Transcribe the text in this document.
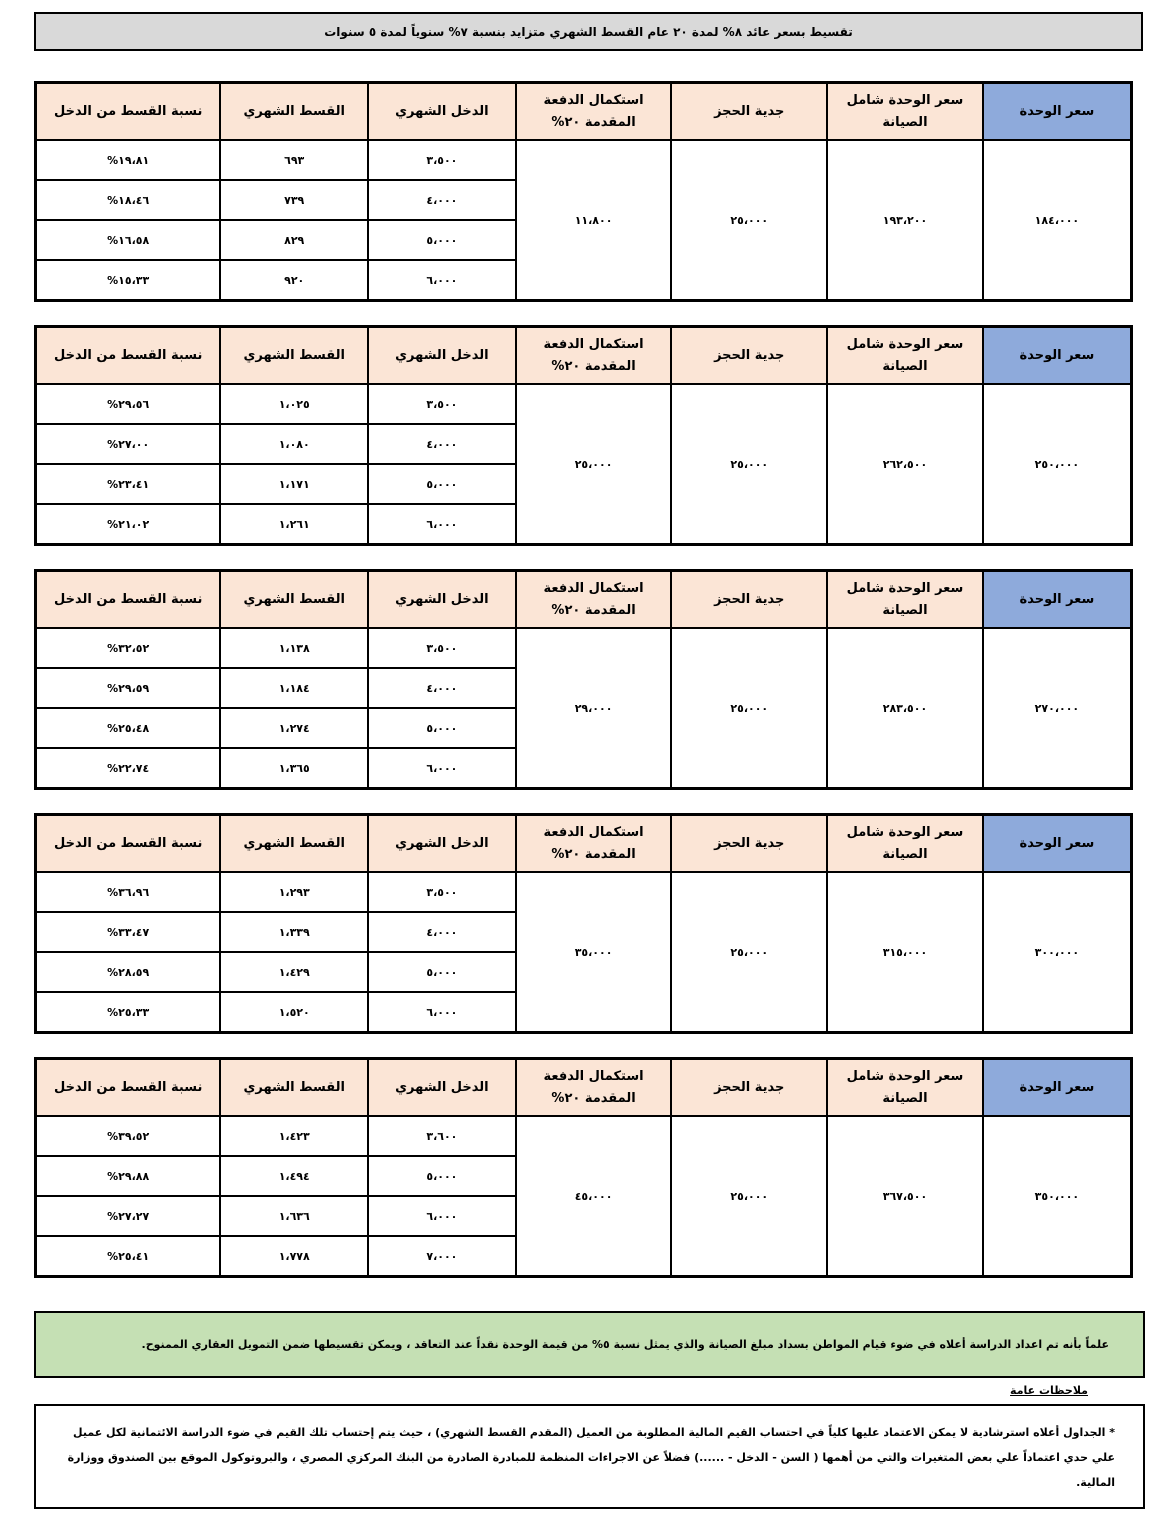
تقسيط بسعر عائد ٨% لمدة ٢٠ عام القسط الشهري متزايد بنسبة ٧% سنوياً لمدة ٥ سنوات
سعر الوحدة	سعر الوحدة شامل الصيانة	جدية الحجز	استكمال الدفعة المقدمة ٢٠%	الدخل الشهري	القسط الشهري	نسبة القسط من الدخل
١٨٤،٠٠٠	١٩٣،٢٠٠	٢٥،٠٠٠	١١،٨٠٠	٣،٥٠٠	٦٩٣	١٩،٨١%
				٤،٠٠٠	٧٣٩	١٨،٤٦%
				٥،٠٠٠	٨٢٩	١٦،٥٨%
				٦،٠٠٠	٩٢٠	١٥،٣٣%
سعر الوحدة	سعر الوحدة شامل الصيانة	جدية الحجز	استكمال الدفعة المقدمة ٢٠%	الدخل الشهري	القسط الشهري	نسبة القسط من الدخل
٢٥٠،٠٠٠	٢٦٢،٥٠٠	٢٥،٠٠٠	٢٥،٠٠٠	٣،٥٠٠	١،٠٢٥	٢٩،٥٦%
				٤،٠٠٠	١،٠٨٠	٢٧،٠٠%
				٥،٠٠٠	١،١٧١	٢٣،٤١%
				٦،٠٠٠	١،٢٦١	٢١،٠٢%
سعر الوحدة	سعر الوحدة شامل الصيانة	جدية الحجز	استكمال الدفعة المقدمة ٢٠%	الدخل الشهري	القسط الشهري	نسبة القسط من الدخل
٢٧٠،٠٠٠	٢٨٣،٥٠٠	٢٥،٠٠٠	٢٩،٠٠٠	٣،٥٠٠	١،١٣٨	٣٢،٥٢%
				٤،٠٠٠	١،١٨٤	٢٩،٥٩%
				٥،٠٠٠	١،٢٧٤	٢٥،٤٨%
				٦،٠٠٠	١،٣٦٥	٢٢،٧٤%
سعر الوحدة	سعر الوحدة شامل الصيانة	جدية الحجز	استكمال الدفعة المقدمة ٢٠%	الدخل الشهري	القسط الشهري	نسبة القسط من الدخل
٣٠٠،٠٠٠	٣١٥،٠٠٠	٢٥،٠٠٠	٣٥،٠٠٠	٣،٥٠٠	١،٢٩٣	٣٦،٩٦%
				٤،٠٠٠	١،٣٣٩	٣٣،٤٧%
				٥،٠٠٠	١،٤٢٩	٢٨،٥٩%
				٦،٠٠٠	١،٥٢٠	٢٥،٣٣%
سعر الوحدة	سعر الوحدة شامل الصيانة	جدية الحجز	استكمال الدفعة المقدمة ٢٠%	الدخل الشهري	القسط الشهري	نسبة القسط من الدخل
٣٥٠،٠٠٠	٣٦٧،٥٠٠	٢٥،٠٠٠	٤٥،٠٠٠	٣،٦٠٠	١،٤٢٣	٣٩،٥٢%
				٥،٠٠٠	١،٤٩٤	٢٩،٨٨%
				٦،٠٠٠	١،٦٣٦	٢٧،٢٧%
				٧،٠٠٠	١،٧٧٨	٢٥،٤١%
علماً بأنه تم اعداد الدراسة أعلاه في ضوء قيام المواطن بسداد مبلغ الصيانة والذي يمثل نسبة ٥% من قيمة الوحدة نقداً عند التعاقد ، ويمكن تقسيطها ضمن التمويل العقاري الممنوح.
ملاحظات عامة
* الجداول أعلاه استرشادية لا يمكن الاعتماد عليها كلياً في احتساب القيم المالية المطلوبة من العميل (المقدم القسط الشهري) ، حيث يتم إحتساب تلك القيم في ضوء الدراسة الائتمانية لكل عميل علي حدي اعتماداً علي بعض المتغيرات والتي من أهمها ( السن - الدخل - ......) فضلاً عن الاجراءات المنظمة للمبادرة الصادرة من البنك المركزي المصري ، والبروتوكول الموقع بين الصندوق ووزارة المالية.
